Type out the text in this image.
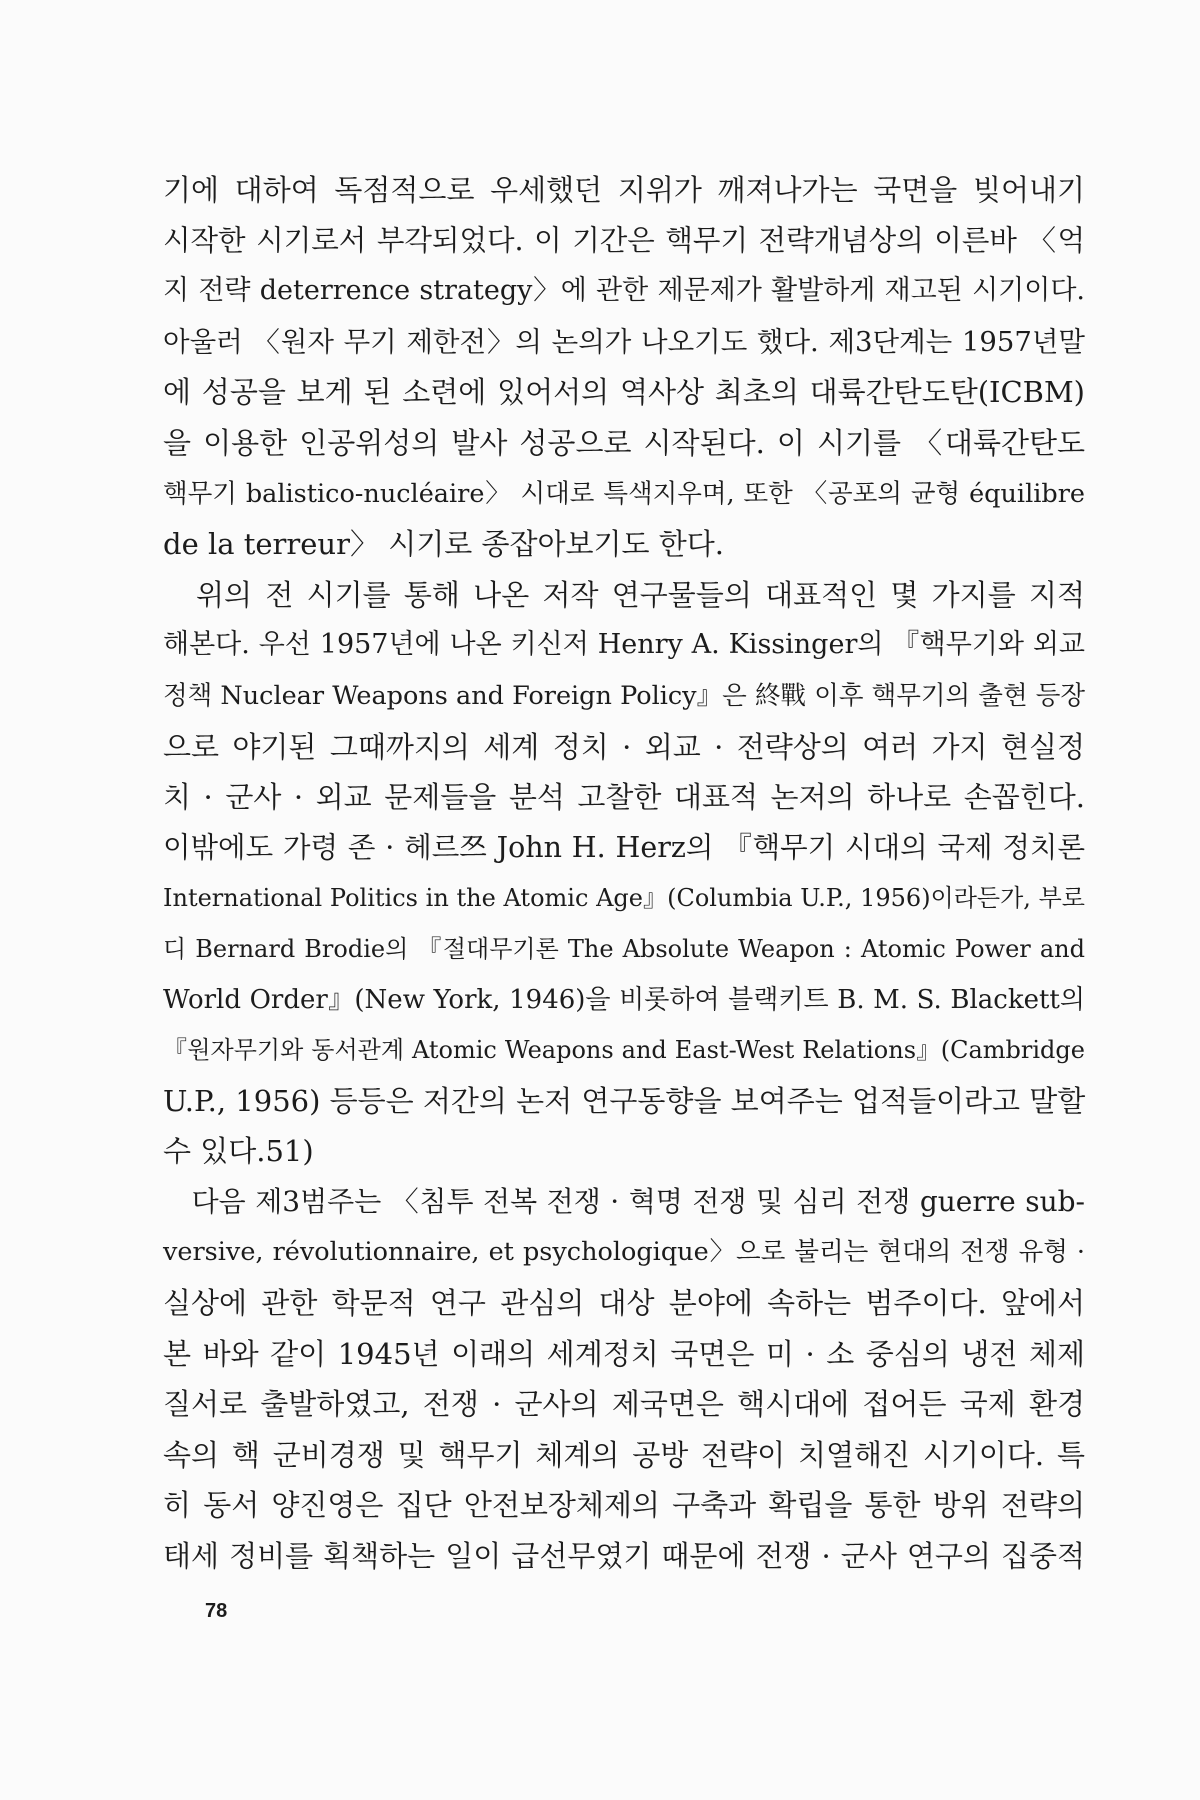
기에 대하여 독점적으로 우세했던 지위가 깨져나가는 국면을 빚어내기
시작한 시기로서 부각되었다. 이 기간은 핵무기 전략개념상의 이른바 〈억
지 전략 deterrence strategy〉에 관한 제문제가 활발하게 재고된 시기이다.
아울러 〈원자 무기 제한전〉의 논의가 나오기도 했다. 제3단계는 1957년말
에 성공을 보게 된 소련에 있어서의 역사상 최초의 대륙간탄도탄(ICBM)
을 이용한 인공위성의 발사 성공으로 시작된다. 이 시기를 〈대륙간탄도
핵무기 balistico-nucléaire〉 시대로 특색지우며, 또한 〈공포의 균형 équilibre
de la terreur〉 시기로 종잡아보기도 한다.
　위의 전 시기를 통해 나온 저작 연구물들의 대표적인 몇 가지를 지적
해본다. 우선 1957년에 나온 키신저 Henry A. Kissinger의 『핵무기와 외교
정책 Nuclear Weapons and Foreign Policy』은 終戰 이후 핵무기의 출현 등장
으로 야기된 그때까지의 세계 정치 · 외교 · 전략상의 여러 가지 현실정
치 · 군사 · 외교 문제들을 분석 고찰한 대표적 논저의 하나로 손꼽힌다.
이밖에도 가령 존 · 헤르쯔 John H. Herz의 『핵무기 시대의 국제 정치론
International Politics in the Atomic Age』(Columbia U.P., 1956)이라든가, 부로
디 Bernard Brodie의 『절대무기론 The Absolute Weapon : Atomic Power and
World Order』(New York, 1946)을 비롯하여 블랙키트 B. M. S. Blackett의
『원자무기와 동서관계 Atomic Weapons and East-West Relations』(Cambridge
U.P., 1956) 등등은 저간의 논저 연구동향을 보여주는 업적들이라고 말할
수 있다.51)
　다음 제3범주는 〈침투 전복 전쟁 · 혁명 전쟁 및 심리 전쟁 guerre sub-
versive, révolutionnaire, et psychologique〉으로 불리는 현대의 전쟁 유형 ·
실상에 관한 학문적 연구 관심의 대상 분야에 속하는 범주이다. 앞에서
본 바와 같이 1945년 이래의 세계정치 국면은 미 · 소 중심의 냉전 체제
질서로 출발하였고, 전쟁 · 군사의 제국면은 핵시대에 접어든 국제 환경
속의 핵 군비경쟁 및 핵무기 체계의 공방 전략이 치열해진 시기이다. 특
히 동서 양진영은 집단 안전보장체제의 구축과 확립을 통한 방위 전략의
태세 정비를 획책하는 일이 급선무였기 때문에 전쟁 · 군사 연구의 집중적
78
